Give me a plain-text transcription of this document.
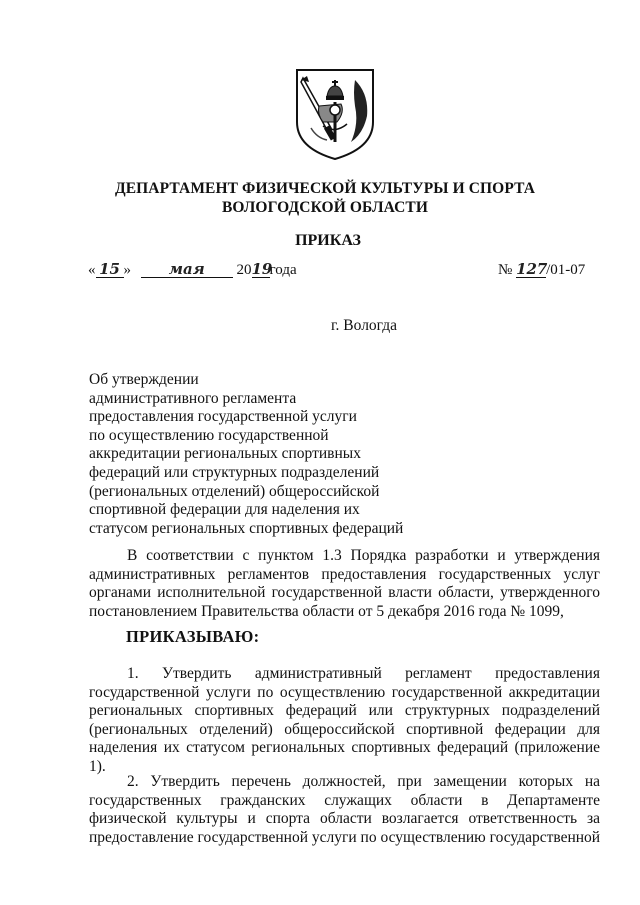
ДЕПАРТАМЕНТ ФИЗИЧЕСКОЙ КУЛЬТУРЫ И СПОРТА
ВОЛОГОДСКОЙ ОБЛАСТИ
ПРИКАЗ
« 15 »	мая 2019года	№ 127/01-07
г. Вологда
Об утверждении
административного регламента
предоставления государственной услуги
по осуществлению государственной
аккредитации региональных спортивных
федераций или структурных подразделений
(региональных отделений) общероссийской
спортивной федерации для наделения их
статусом региональных спортивных федераций
В соответствии с пунктом 1.3 Порядка разработки и утверждения
административных регламентов предоставления государственных услуг
органами исполнительной государственной власти области, утвержденного
постановлением Правительства области от 5 декабря 2016 года № 1099,
ПРИКАЗЫВАЮ:
1. Утвердить административный регламент предоставления
государственной услуги по осуществлению государственной аккредитации
региональных спортивных федераций или структурных подразделений
(региональных отделений) общероссийской спортивной федерации для
наделения их статусом региональных спортивных федераций (приложение
1).
2. Утвердить перечень должностей, при замещении которых на
государственных гражданских служащих области в Департаменте
физической культуры и спорта области возлагается ответственность за
предоставление государственной услуги по осуществлению государственной
